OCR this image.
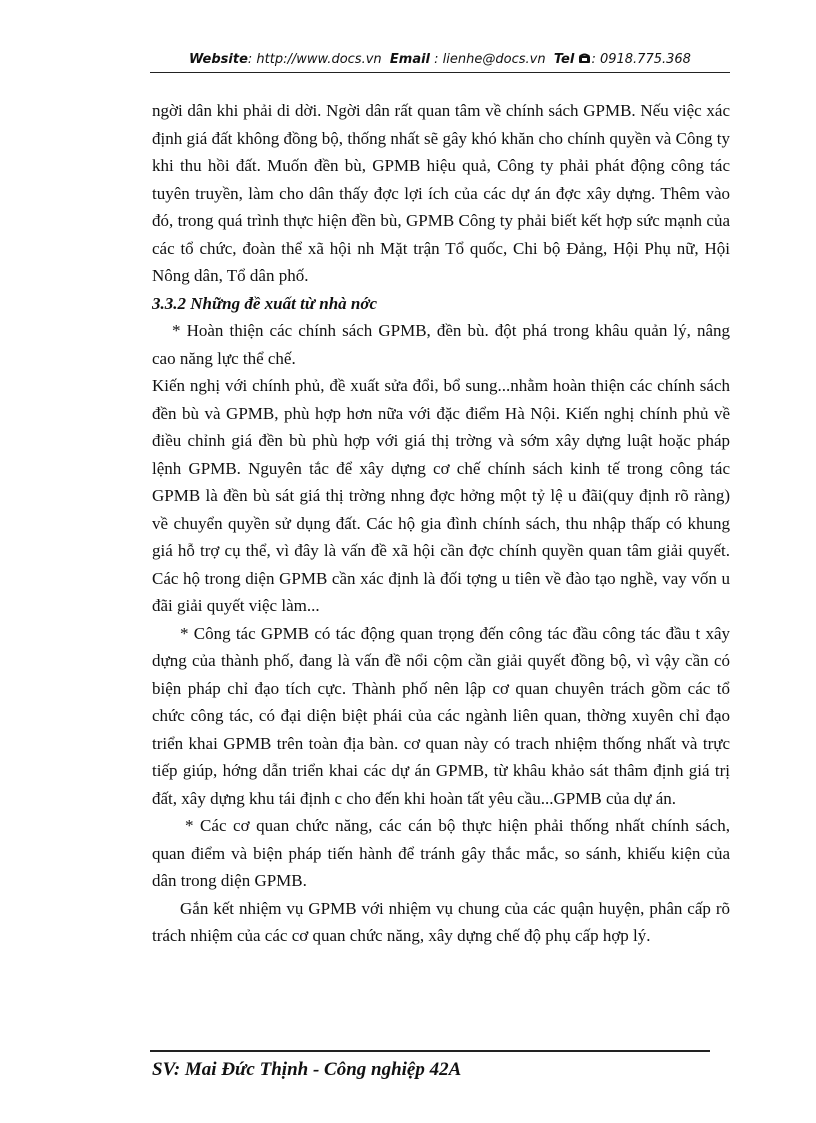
Website: http://www.docs.vn Email : lienhe@docs.vn Tel : 0918.775.368

ngời dân khi phải di dời. Ngời dân rất quan tâm về chính sách GPMB. Nếu việc xác định giá đất không đồng bộ, thống nhất sẽ gây khó khăn cho chính quyền và Công ty khi thu hồi đất. Muốn đền bù, GPMB hiệu quả, Công ty phải phát động công tác tuyên truyền, làm cho dân thấy đợc lợi ích của các dự án đợc xây dựng. Thêm vào đó, trong quá trình thực hiện đền bù, GPMB Công ty phải biết kết hợp sức mạnh của các tổ chức, đoàn thể xã hội nh Mặt trận Tổ quốc, Chi bộ Đảng, Hội Phụ nữ, Hội Nông dân, Tổ dân phố.

3.3.2 Những đề xuất từ nhà nớc

* Hoàn thiện các chính sách GPMB, đền bù. đột phá trong khâu quản lý, nâng cao năng lực thể chế.

Kiến nghị với chính phủ, đề xuất sửa đổi, bổ sung...nhằm hoàn thiện các chính sách đền bù và GPMB, phù hợp hơn nữa với đặc điểm Hà Nội. Kiến nghị chính phủ về điều chỉnh giá đền bù phù hợp với giá thị trờng và sớm xây dựng luật hoặc pháp lệnh GPMB. Nguyên tắc để xây dựng cơ chế chính sách kinh tế trong công tác GPMB là đền bù sát giá thị trờng nhng đợc hởng một tỷ lệ u đãi(quy định rõ ràng) về chuyển quyền sử dụng đất. Các hộ gia đình chính sách, thu nhập thấp có khung giá hỗ trợ cụ thể, vì đây là vấn đề xã hội cần đợc chính quyền quan tâm giải quyết. Các hộ trong diện GPMB cần xác định là đối tợng u tiên về đào tạo nghề, vay vốn u đãi giải quyết việc làm...

* Công tác GPMB có tác động quan trọng đến công tác đầu công tác đầu t xây dựng của thành phố, đang là vấn đề nổi cộm cần giải quyết đồng bộ, vì vậy cần có biện pháp chỉ đạo tích cực. Thành phố nên lập cơ quan chuyên trách gồm các tổ chức công tác, có đại diện biệt phái của các ngành liên quan, thờng xuyên chỉ đạo triển khai GPMB trên toàn địa bàn. cơ quan này có trach nhiệm thống nhất và trực tiếp giúp, hớng dẫn triển khai các dự án GPMB, từ khâu khảo sát thâm định giá trị đất, xây dựng khu tái định c cho đến khi hoàn tất yêu cầu...GPMB của dự án.

* Các cơ quan chức năng, các cán bộ thực hiện phải thống nhất chính sách, quan điểm và biện pháp tiến hành để tránh gây thắc mắc, so sánh, khiếu kiện của dân trong diện GPMB.

Gắn kết nhiệm vụ GPMB với nhiệm vụ chung của các quận huyện, phân cấp rõ trách nhiệm của các cơ quan chức năng, xây dựng chế độ phụ cấp hợp lý.

SV: Mai Đức Thịnh - Công nghiệp 42A
